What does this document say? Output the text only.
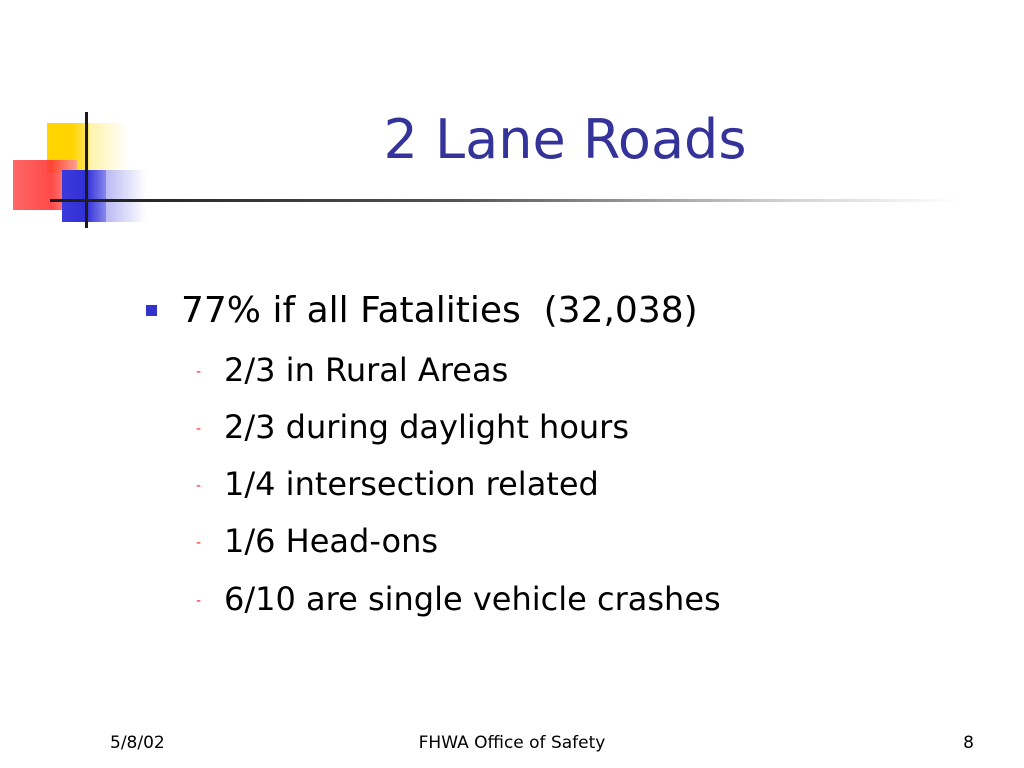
2 Lane Roads
77% if all Fatalities  (32,038)
- 2/3 in Rural Areas
- 2/3 during daylight hours
- 1/4 intersection related
- 1/6 Head-ons
- 6/10 are single vehicle crashes
5/8/02	FHWA Office of Safety	8
